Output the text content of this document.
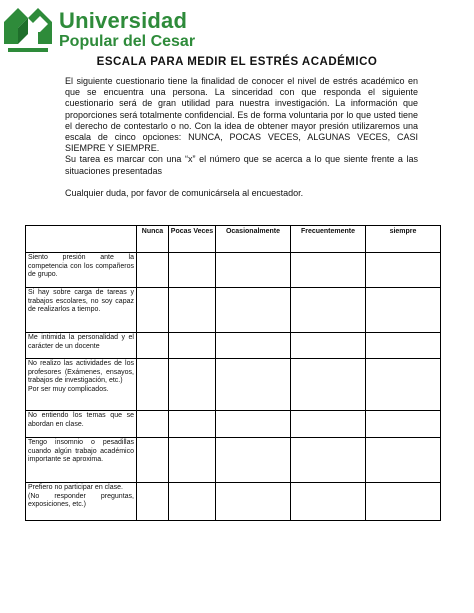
Universidad
Popular del Cesar
ESCALA PARA MEDIR EL ESTRÉS ACADÉMICO

El siguiente cuestionario tiene la finalidad de conocer el nivel de estrés académico en que se encuentra una persona. La sinceridad con que responda el siguiente cuestionario será de gran utilidad para nuestra investigación. La información que proporciones será totalmente confidencial. Es de forma voluntaria por lo que usted tiene el derecho de contestarlo o no. Con la idea de obtener mayor presión utilizaremos una escala de cinco opciones: NUNCA, POCAS VECES, ALGUNAS VECES, CASI SIEMPRE Y SIEMPRE.

Su tarea es marcar con una “x” el número que se acerca a lo que siente frente a las situaciones presentadas

Cualquier duda, por favor de comunicársela al encuestador.

	Nunca	Pocas Veces	Ocasionalmente	Frecuentemente	siempre
Siento presión ante la competencia con los compañeros de grupo.					
Si hay sobre carga de tareas y trabajos escolares, no soy capaz de realizarlos a tiempo.					
Me intimida la personalidad y el carácter de un docente					

No realizo las actividades de los profesores (Exámenes, ensayos, trabajos de investigación, etc.)
Por ser muy complicados.					

No entiendo los temas que se abordan en clase.					
Tengo insomnio o pesadillas cuando algún trabajo académico importante se aproxima.					

Prefiero no participar en clase.
(No responder preguntas, exposiciones, etc.)					
